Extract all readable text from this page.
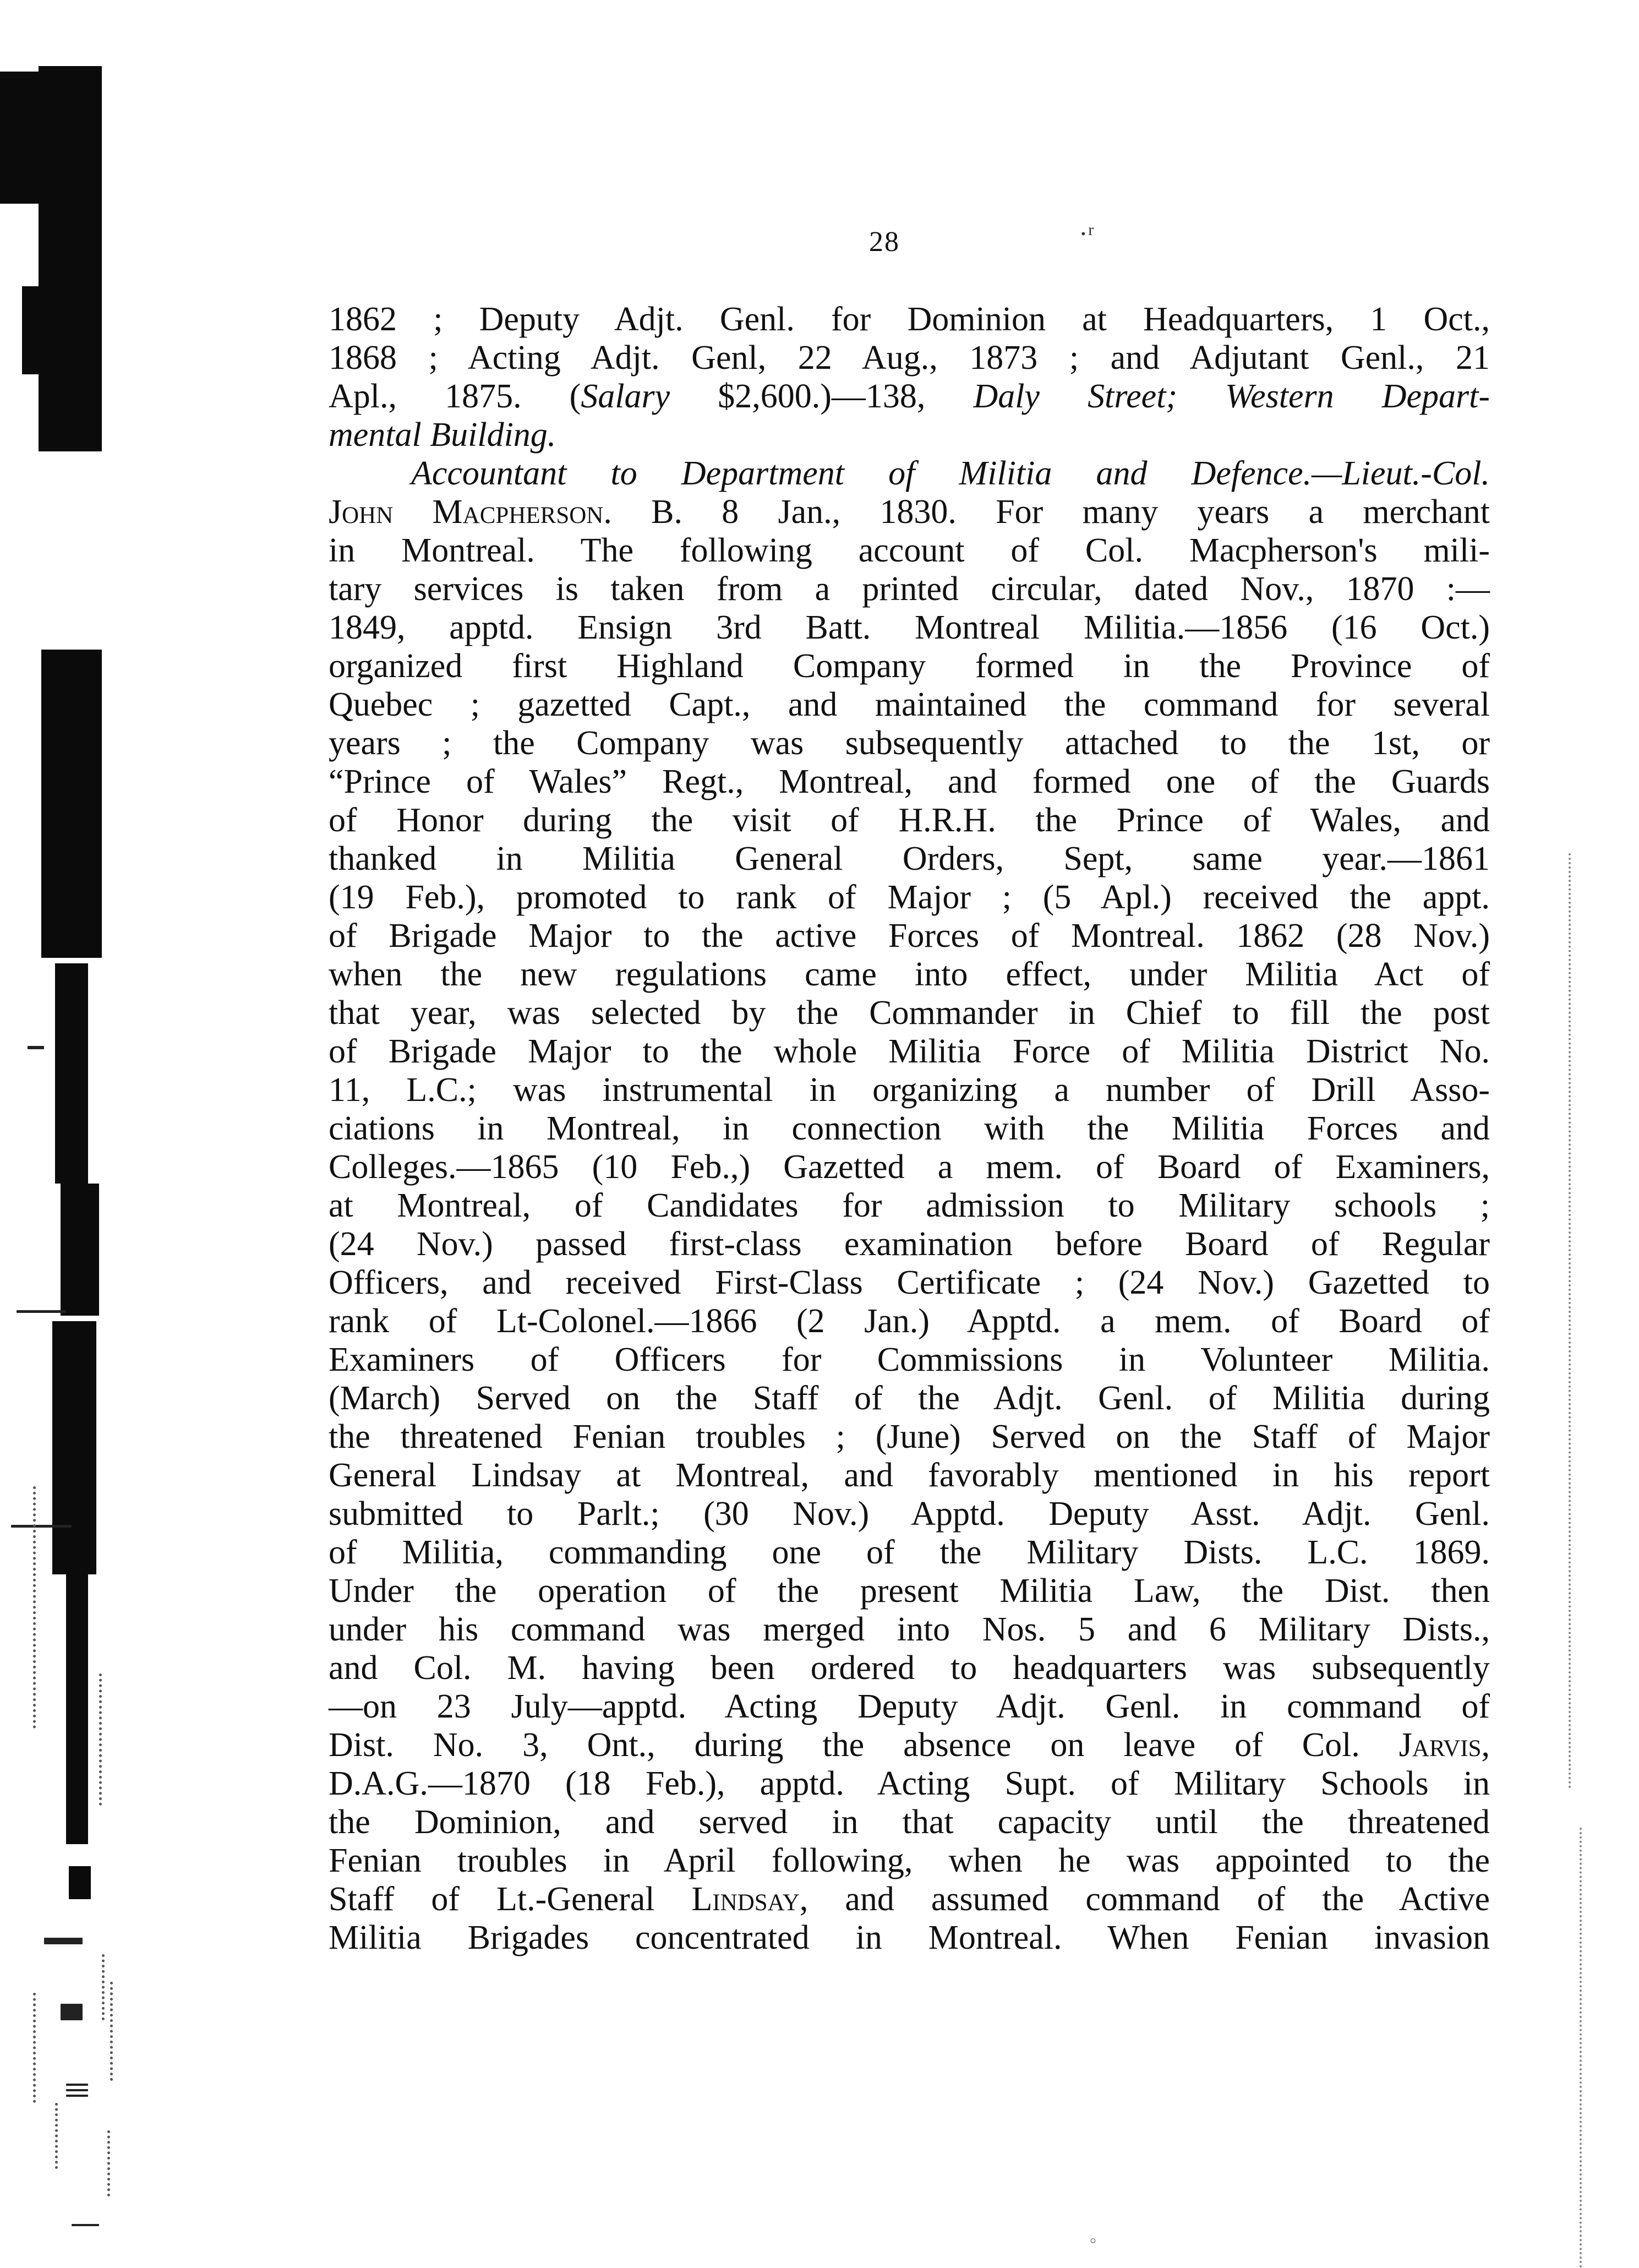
28	·ʳ
1862 ; Deputy Adjt. Genl. for Dominion at Headquarters, 1 Oct.,
1868 ; Acting Adjt. Genl, 22 Aug., 1873 ; and Adjutant Genl., 21
Apl., 1875. (Salary $2,600.)—138, Daly Street; Western Depart-
mental Building.
Accountant to Department of Militia and Defence.—Lieut.-Col.
John Macpherson. B. 8 Jan., 1830. For many years a merchant
in Montreal. The following account of Col. Macpherson's mili-
tary services is taken from a printed circular, dated Nov., 1870 :—
1849, apptd. Ensign 3rd Batt. Montreal Militia.—1856 (16 Oct.)
organized first Highland Company formed in the Province of
Quebec ; gazetted Capt., and maintained the command for several
years ; the Company was subsequently attached to the 1st, or
“Prince of Wales” Regt., Montreal, and formed one of the Guards
of Honor during the visit of H.R.H. the Prince of Wales, and
thanked in Militia General Orders, Sept, same year.—1861
(19 Feb.), promoted to rank of Major ; (5 Apl.) received the appt.
of Brigade Major to the active Forces of Montreal. 1862 (28 Nov.)
when the new regulations came into effect, under Militia Act of
that year, was selected by the Commander in Chief to fill the post
of Brigade Major to the whole Militia Force of Militia District No.
11, L.C.; was instrumental in organizing a number of Drill Asso-
ciations in Montreal, in connection with the Militia Forces and
Colleges.—1865 (10 Feb.,) Gazetted a mem. of Board of Examiners,
at Montreal, of Candidates for admission to Military schools ;
(24 Nov.) passed first-class examination before Board of Regular
Officers, and received First-Class Certificate ; (24 Nov.) Gazetted to
rank of Lt-Colonel.—1866 (2 Jan.) Apptd. a mem. of Board of
Examiners of Officers for Commissions in Volunteer Militia.
(March) Served on the Staff of the Adjt. Genl. of Militia during
the threatened Fenian troubles ; (June) Served on the Staff of Major
General Lindsay at Montreal, and favorably mentioned in his report
submitted to Parlt.; (30 Nov.) Apptd. Deputy Asst. Adjt. Genl.
of Militia, commanding one of the Military Dists. L.C. 1869.
Under the operation of the present Militia Law, the Dist. then
under his command was merged into Nos. 5 and 6 Military Dists.,
and Col. M. having been ordered to headquarters was subsequently
—on 23 July—apptd. Acting Deputy Adjt. Genl. in command of
Dist. No. 3, Ont., during the absence on leave of Col. Jarvis,
D.A.G.—1870 (18 Feb.), apptd. Acting Supt. of Military Schools in
the Dominion, and served in that capacity until the threatened
Fenian troubles in April following, when he was appointed to the
Staff of Lt.-General Lindsay, and assumed command of the Active
Militia Brigades concentrated in Montreal. When Fenian invasion
°
